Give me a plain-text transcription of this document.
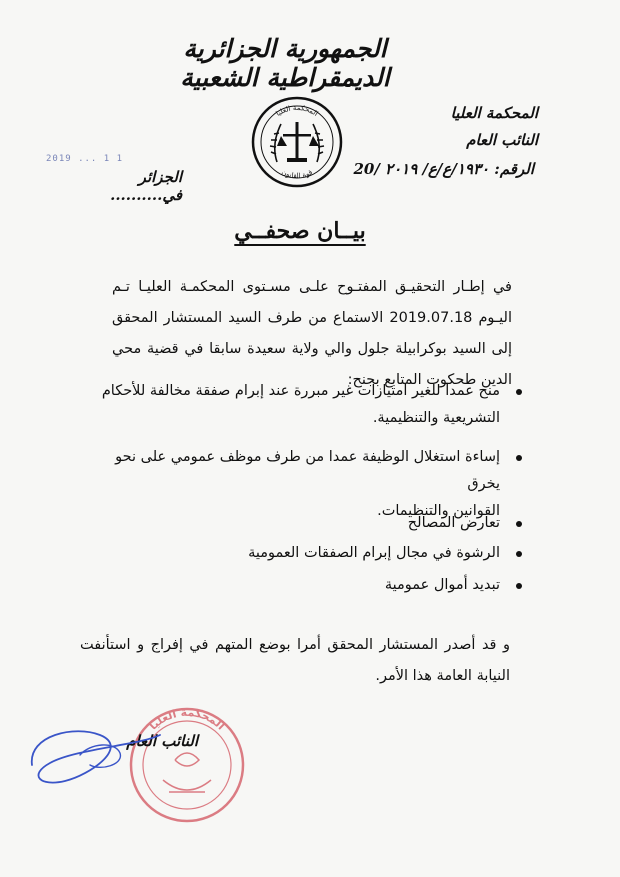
الجمهورية الجزائرية الديمقراطية الشعبية
المحكمة العليا
النائب العام
الرقم: ١٩٣٠/ع/ع/ ٢٠١٩ /20
الجزائر في..........
2019 ... 1 1
المحكمة العليا
قوة القانون
بيــان صحفــي
في إطـار التحقيـق المفتـوح علـى مسـتوى المحكمـة العليـا تـم اليـوم 2019.07.18 الاستماع من طرف السيد المستشار المحقق إلى السيد بوكرابيلة جلول والي ولاية سعيدة سابقا في قضية محي الدين طحكوت المتابع بجنح:
منح عمدا للغير امتيازات غير مبررة عند إبرام صفقة مخالفة للأحكام
التشريعية والتنظيمية.
إساءة استغلال الوظيفة عمدا من طرف موظف عمومي على نحو يخرق
القوانين والتنظيمات.
تعارض المصالح
الرشوة في مجال إبرام الصفقات العمومية
تبديد أموال عمومية
و قد أصدر المستشار المحقق أمرا بوضع المتهم في إفراج و استأنفت النيابة العامة هذا الأمر.
المحكمة العليا
النائب العام
